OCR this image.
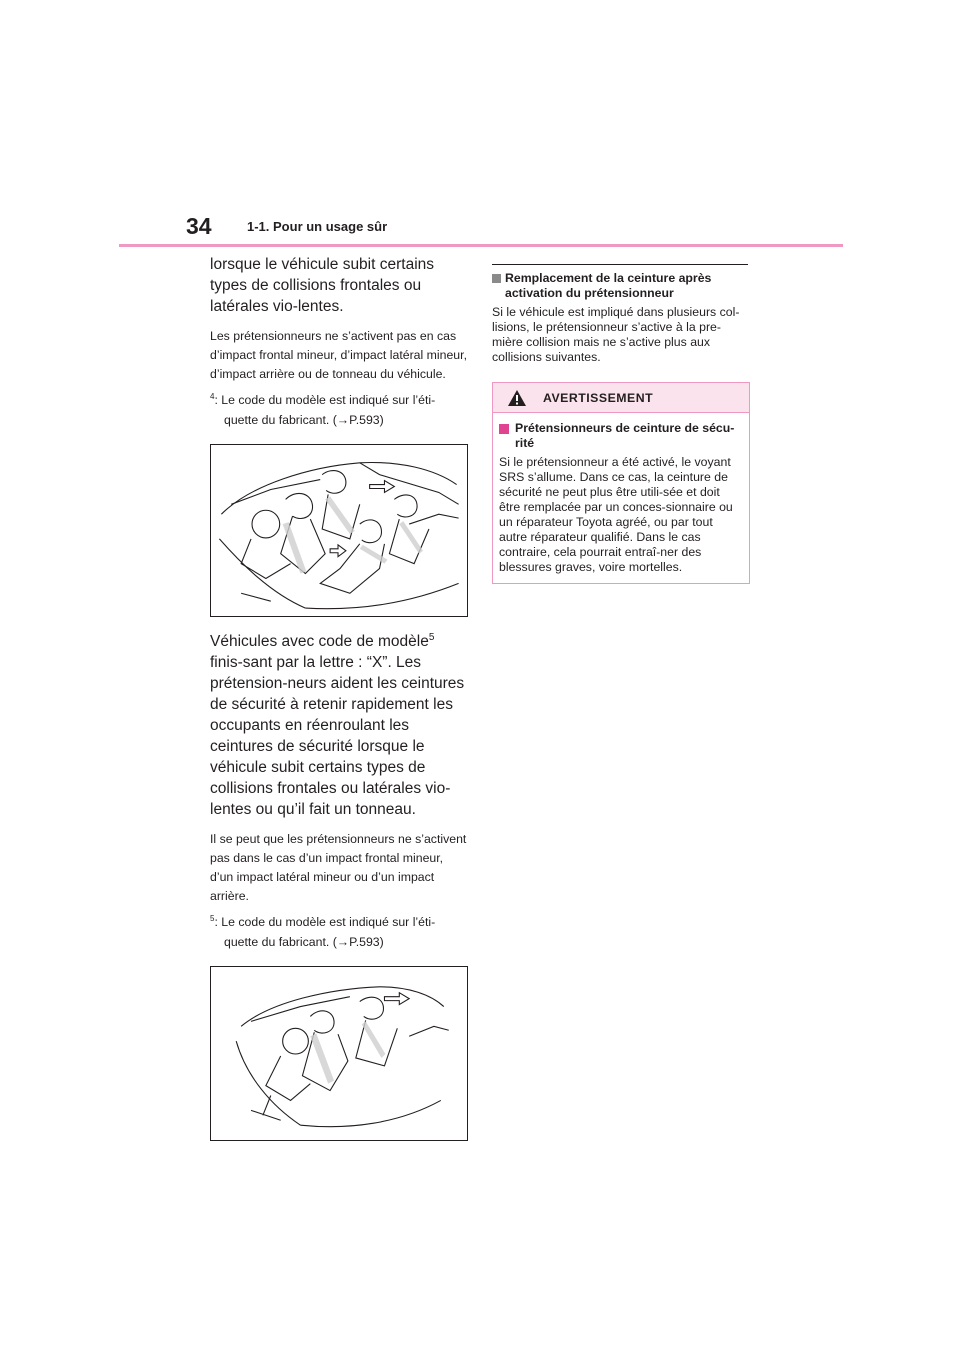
34	1-1. Pour un usage sûr

lorsque le véhicule subit certains types de collisions frontales ou latérales vio-lentes.

Les prétensionneurs ne s’activent pas en cas d’impact frontal mineur, d’impact latéral mineur, d’impact arrière ou de tonneau du véhicule.

$^4$: Le code du modèle est indiqué sur l’éti-quette du fabricant. (→P.593)

Véhicules avec code de modèle$^5$ finis-sant par la lettre : “X”. Les prétension-neurs aident les ceintures de sécurité à retenir rapidement les occupants en réenroulant les ceintures de sécurité lorsque le véhicule subit certains types de collisions frontales ou latérales vio-lentes ou qu’il fait un tonneau.

Il se peut que les prétensionneurs ne s’activent pas dans le cas d’un impact frontal mineur, d’un impact latéral mineur ou d’un impact arrière.

$^5$: Le code du modèle est indiqué sur l’éti-quette du fabricant. (→P.593)

Remplacement de la ceinture après activation du prétensionneur

Si le véhicule est impliqué dans plusieurs col-lisions, le prétensionneur s’active à la pre-mière collision mais ne s’active plus aux collisions suivantes.

AVERTISSEMENT
Prétensionneurs de ceinture de sécu-rité

Si le prétensionneur a été activé, le voyant SRS s’allume. Dans ce cas, la ceinture de sécurité ne peut plus être utili-sée et doit être remplacée par un conces-sionnaire ou un réparateur Toyota agréé, ou par tout autre réparateur qualifié. Dans le cas contraire, cela pourrait entraî-ner des blessures graves, voire mortelles.
